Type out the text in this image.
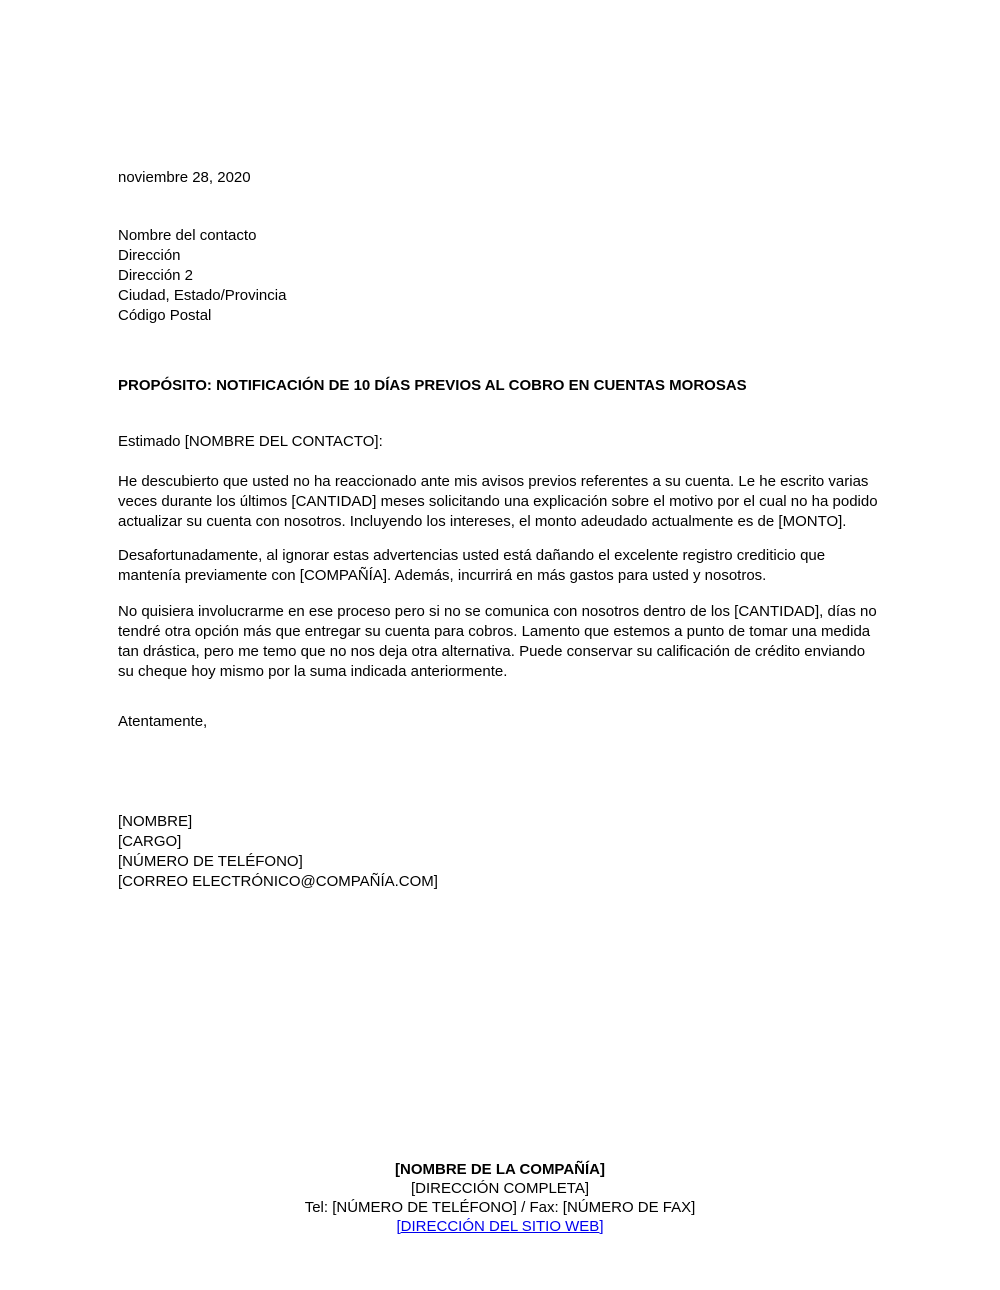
noviembre 28, 2020
Nombre del contacto
Dirección
Dirección 2
Ciudad, Estado/Provincia
Código Postal
PROPÓSITO: NOTIFICACIÓN DE 10 DÍAS PREVIOS AL COBRO EN CUENTAS MOROSAS
Estimado [NOMBRE DEL CONTACTO]:
He descubierto que usted no ha reaccionado ante mis avisos previos referentes a su cuenta. Le he escrito varias veces durante los últimos [CANTIDAD] meses solicitando una explicación sobre el motivo por el cual no ha podido actualizar su cuenta con nosotros. Incluyendo los intereses, el monto adeudado actualmente es de [MONTO].
Desafortunadamente, al ignorar estas advertencias usted está dañando el excelente registro crediticio que mantenía previamente con [COMPAÑÍA]. Además, incurrirá en más gastos para usted y nosotros.
No quisiera involucrarme en ese proceso pero si no se comunica con nosotros dentro de los [CANTIDAD], días no tendré otra opción más que entregar su cuenta para cobros. Lamento que estemos a punto de tomar una medida tan drástica, pero me temo que no nos deja otra alternativa. Puede conservar su calificación de crédito enviando su cheque hoy mismo por la suma indicada anteriormente.
Atentamente,
[NOMBRE]
[CARGO]
[NÚMERO DE TELÉFONO]
[CORREO ELECTRÓNICO@COMPAÑÍA.COM]
[NOMBRE DE LA COMPAÑÍA]
[DIRECCIÓN COMPLETA]
Tel: [NÚMERO DE TELÉFONO] / Fax: [NÚMERO DE FAX]
[DIRECCIÓN DEL SITIO WEB]
